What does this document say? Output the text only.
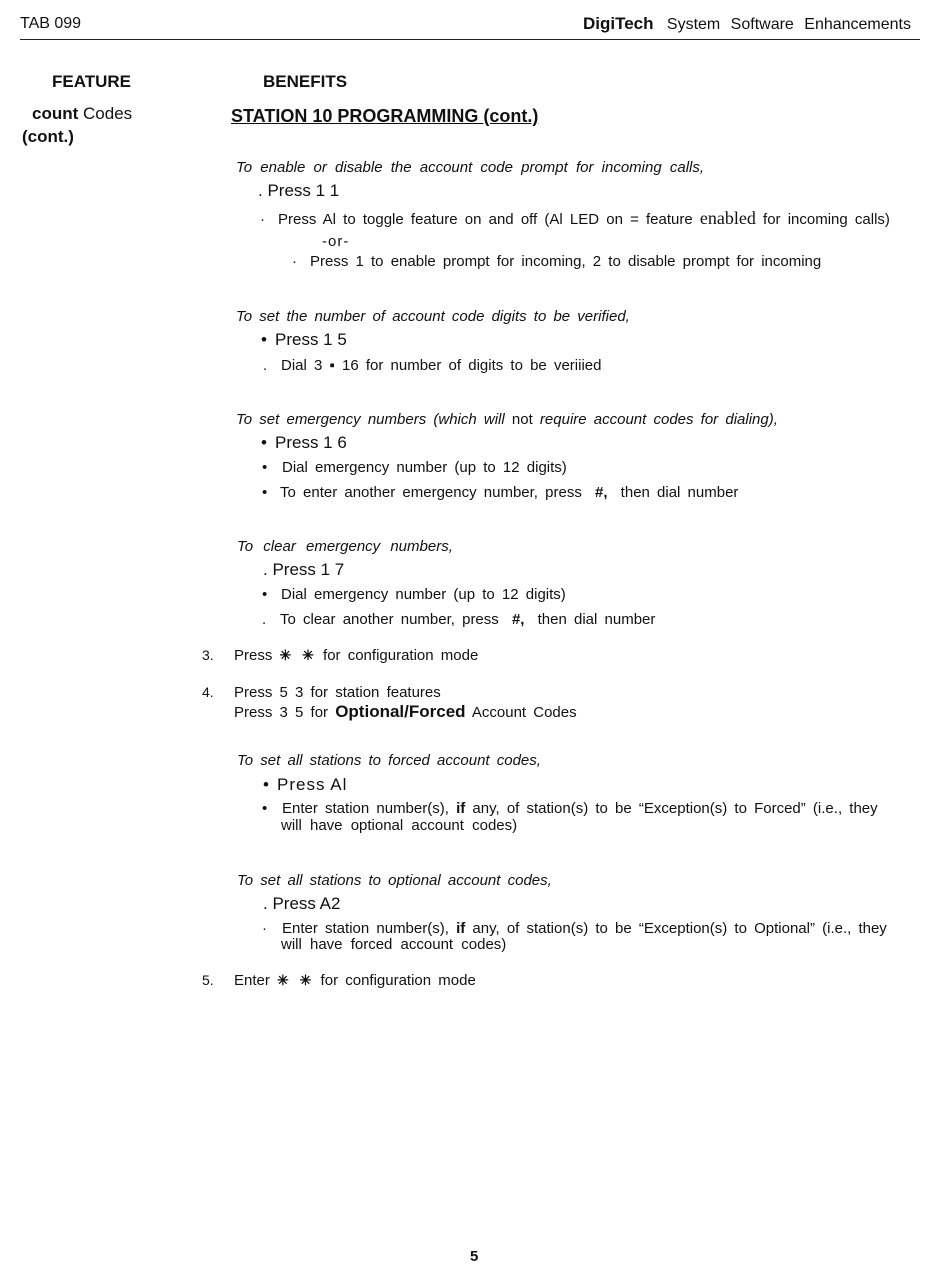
TAB 099	DigiTech System Software Enhancements
FEATURE	BENEFITS
count Codes
(cont.)
STATION 10 PROGRAMMING (cont.)
To enable or disable the account code prompt for incoming calls,
. Press 1 1
· Press Al to toggle feature on and off (Al LED on = feature enabled for incoming calls)
-or-
· Press 1 to enable prompt for incoming, 2 to disable prompt for incoming
To set the number of account code digits to be verified,
• Press 1 5
. Dial 3 ▪ 16 for number of digits to be veriiied
To set emergency numbers (which will not require account codes for dialing),
• Press 1 6
• Dial emergency number (up to 12 digits)
• To enter another emergency number, press #, then dial number
To clear emergency numbers,
. Press 1 7
• Dial emergency number (up to 12 digits)
. To clear another number, press #, then dial number
3. Press ✳ ✳ for configuration mode
4. Press 5 3 for station features
Press 3 5 for Optional/Forced Account Codes
To set all stations to forced account codes,
• Press Al
• Enter station number(s), if any, of station(s) to be “Exception(s) to Forced” (i.e., they
will have optional account codes)
To set all stations to optional account codes,
. Press A2
· Enter station number(s), if any, of station(s) to be “Exception(s) to Optional” (i.e., they
will have forced account codes)
5. Enter ✳ ✳ for configuration mode
5
